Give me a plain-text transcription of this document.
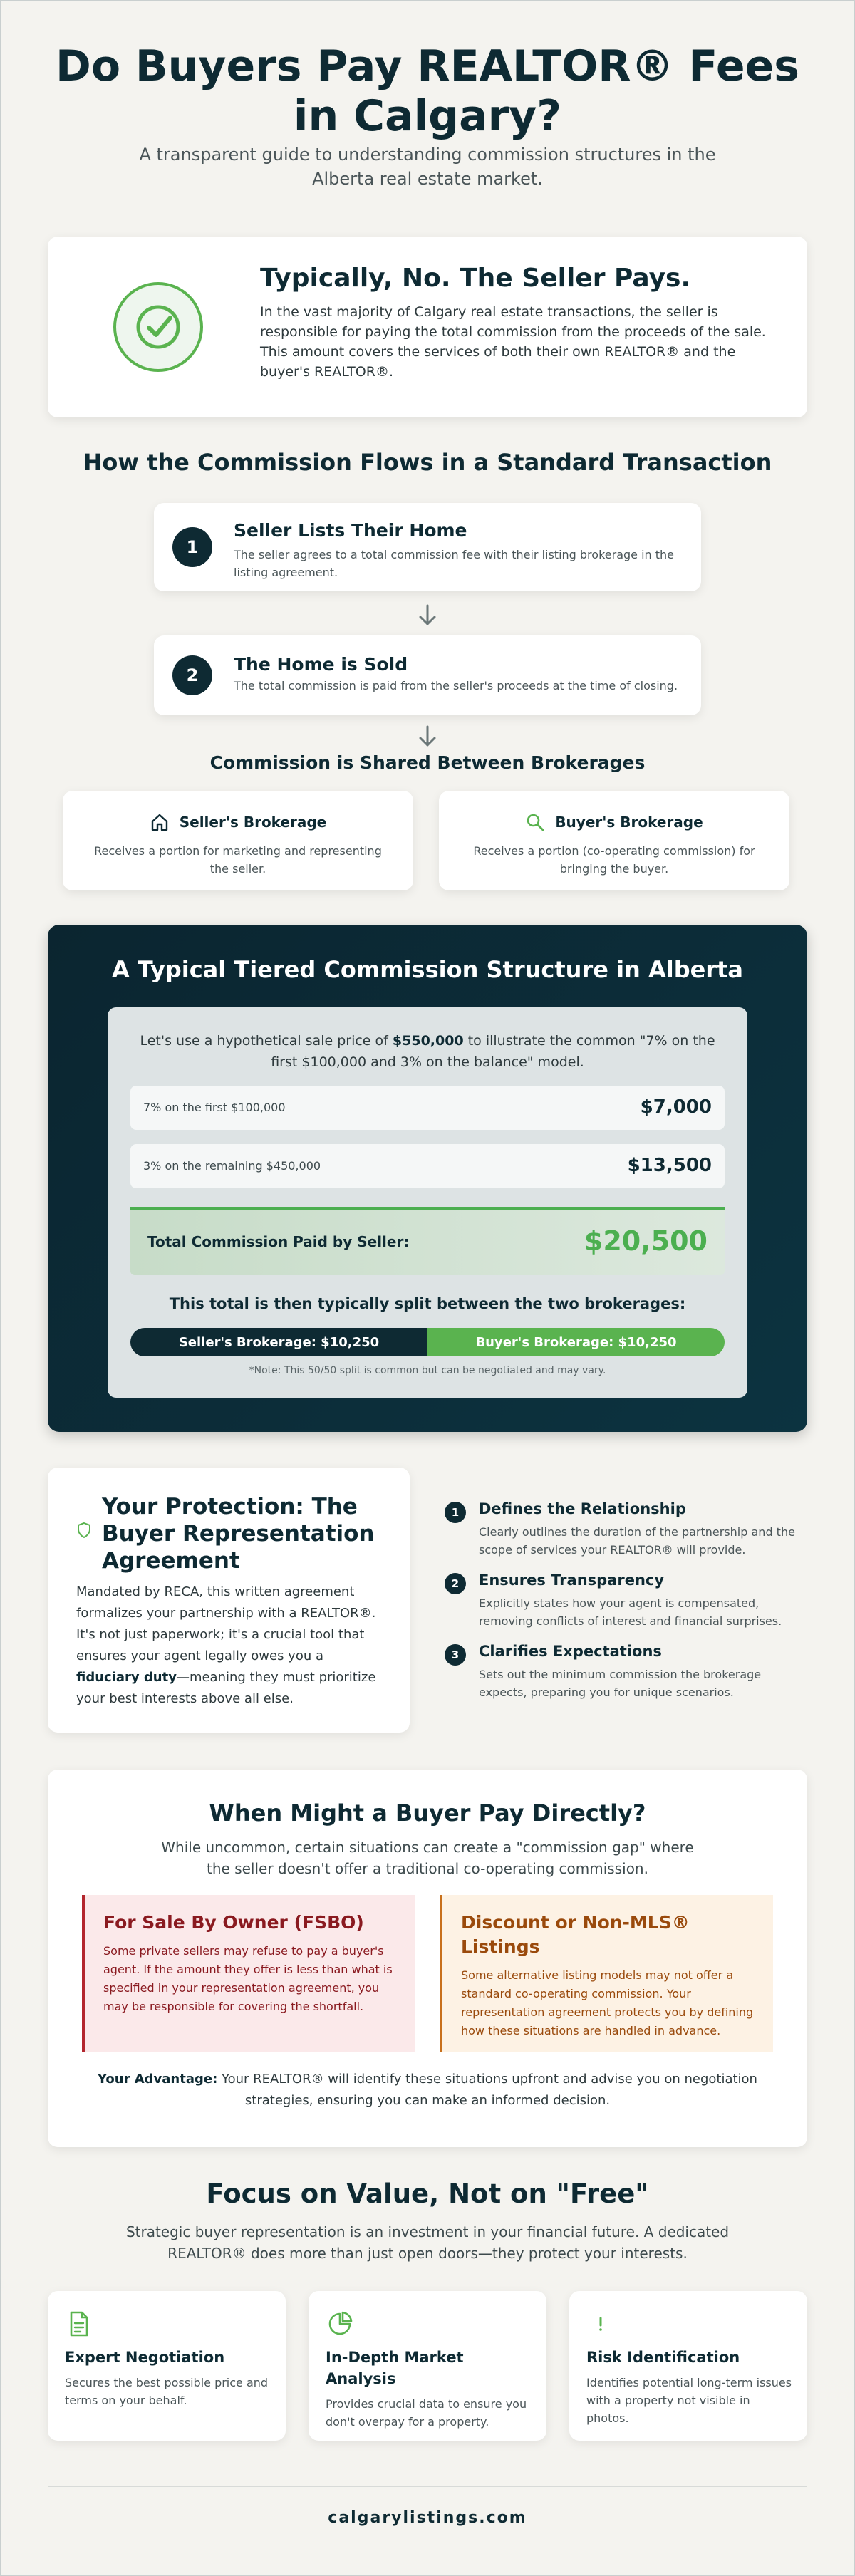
Do Buyers Pay REALTOR® Fees in Calgary?
A transparent guide to understanding commission structures in the Alberta real estate market.
Typically, No. The Seller Pays.
In the vast majority of Calgary real estate transactions, the seller is responsible for paying the total commission from the proceeds of the sale. This amount covers the services of both their own REALTOR® and the buyer's REALTOR®.
How the Commission Flows in a Standard Transaction
1
Seller Lists Their Home
The seller agrees to a total commission fee with their listing brokerage in the listing agreement.
2
The Home is Sold
The total commission is paid from the seller's proceeds at the time of closing.
Commission is Shared Between Brokerages
Seller's Brokerage
Receives a portion for marketing and representing the seller.
Buyer's Brokerage
Receives a portion (co-operating commission) for bringing the buyer.
A Typical Tiered Commission Structure in Alberta
Let's use a hypothetical sale price of $550,000 to illustrate the common "7% on the first $100,000 and 3% on the balance" model.
7% on the first $100,000	$7,000
3% on the remaining $450,000	$13,500
Total Commission Paid by Seller:	$20,500
This total is then typically split between the two brokerages:
Seller's Brokerage: $10,250	Buyer's Brokerage: $10,250
*Note: This 50/50 split is common but can be negotiated and may vary.
Your Protection: The Buyer Representation Agreement
Mandated by RECA, this written agreement formalizes your partnership with a REALTOR®. It's not just paperwork; it's a crucial tool that ensures your agent legally owes you a fiduciary duty—meaning they must prioritize your best interests above all else.
1	Defines the Relationship
Clearly outlines the duration of the partnership and the scope of services your REALTOR® will provide.
2	Ensures Transparency
Explicitly states how your agent is compensated, removing conflicts of interest and financial surprises.
3	Clarifies Expectations
Sets out the minimum commission the brokerage expects, preparing you for unique scenarios.
When Might a Buyer Pay Directly?
While uncommon, certain situations can create a "commission gap" where the seller doesn't offer a traditional co-operating commission.
For Sale By Owner (FSBO)
Some private sellers may refuse to pay a buyer's agent. If the amount they offer is less than what is specified in your representation agreement, you may be responsible for covering the shortfall.
Discount or Non-MLS® Listings
Some alternative listing models may not offer a standard co-operating commission. Your representation agreement protects you by defining how these situations are handled in advance.
Your Advantage: Your REALTOR® will identify these situations upfront and advise you on negotiation strategies, ensuring you can make an informed decision.
Focus on Value, Not on "Free"
Strategic buyer representation is an investment in your financial future. A dedicated REALTOR® does more than just open doors—they protect your interests.
Expert Negotiation
Secures the best possible price and terms on your behalf.
In-Depth Market Analysis
Provides crucial data to ensure you don't overpay for a property.
Risk Identification
Identifies potential long-term issues with a property not visible in photos.
calgarylistings.com
